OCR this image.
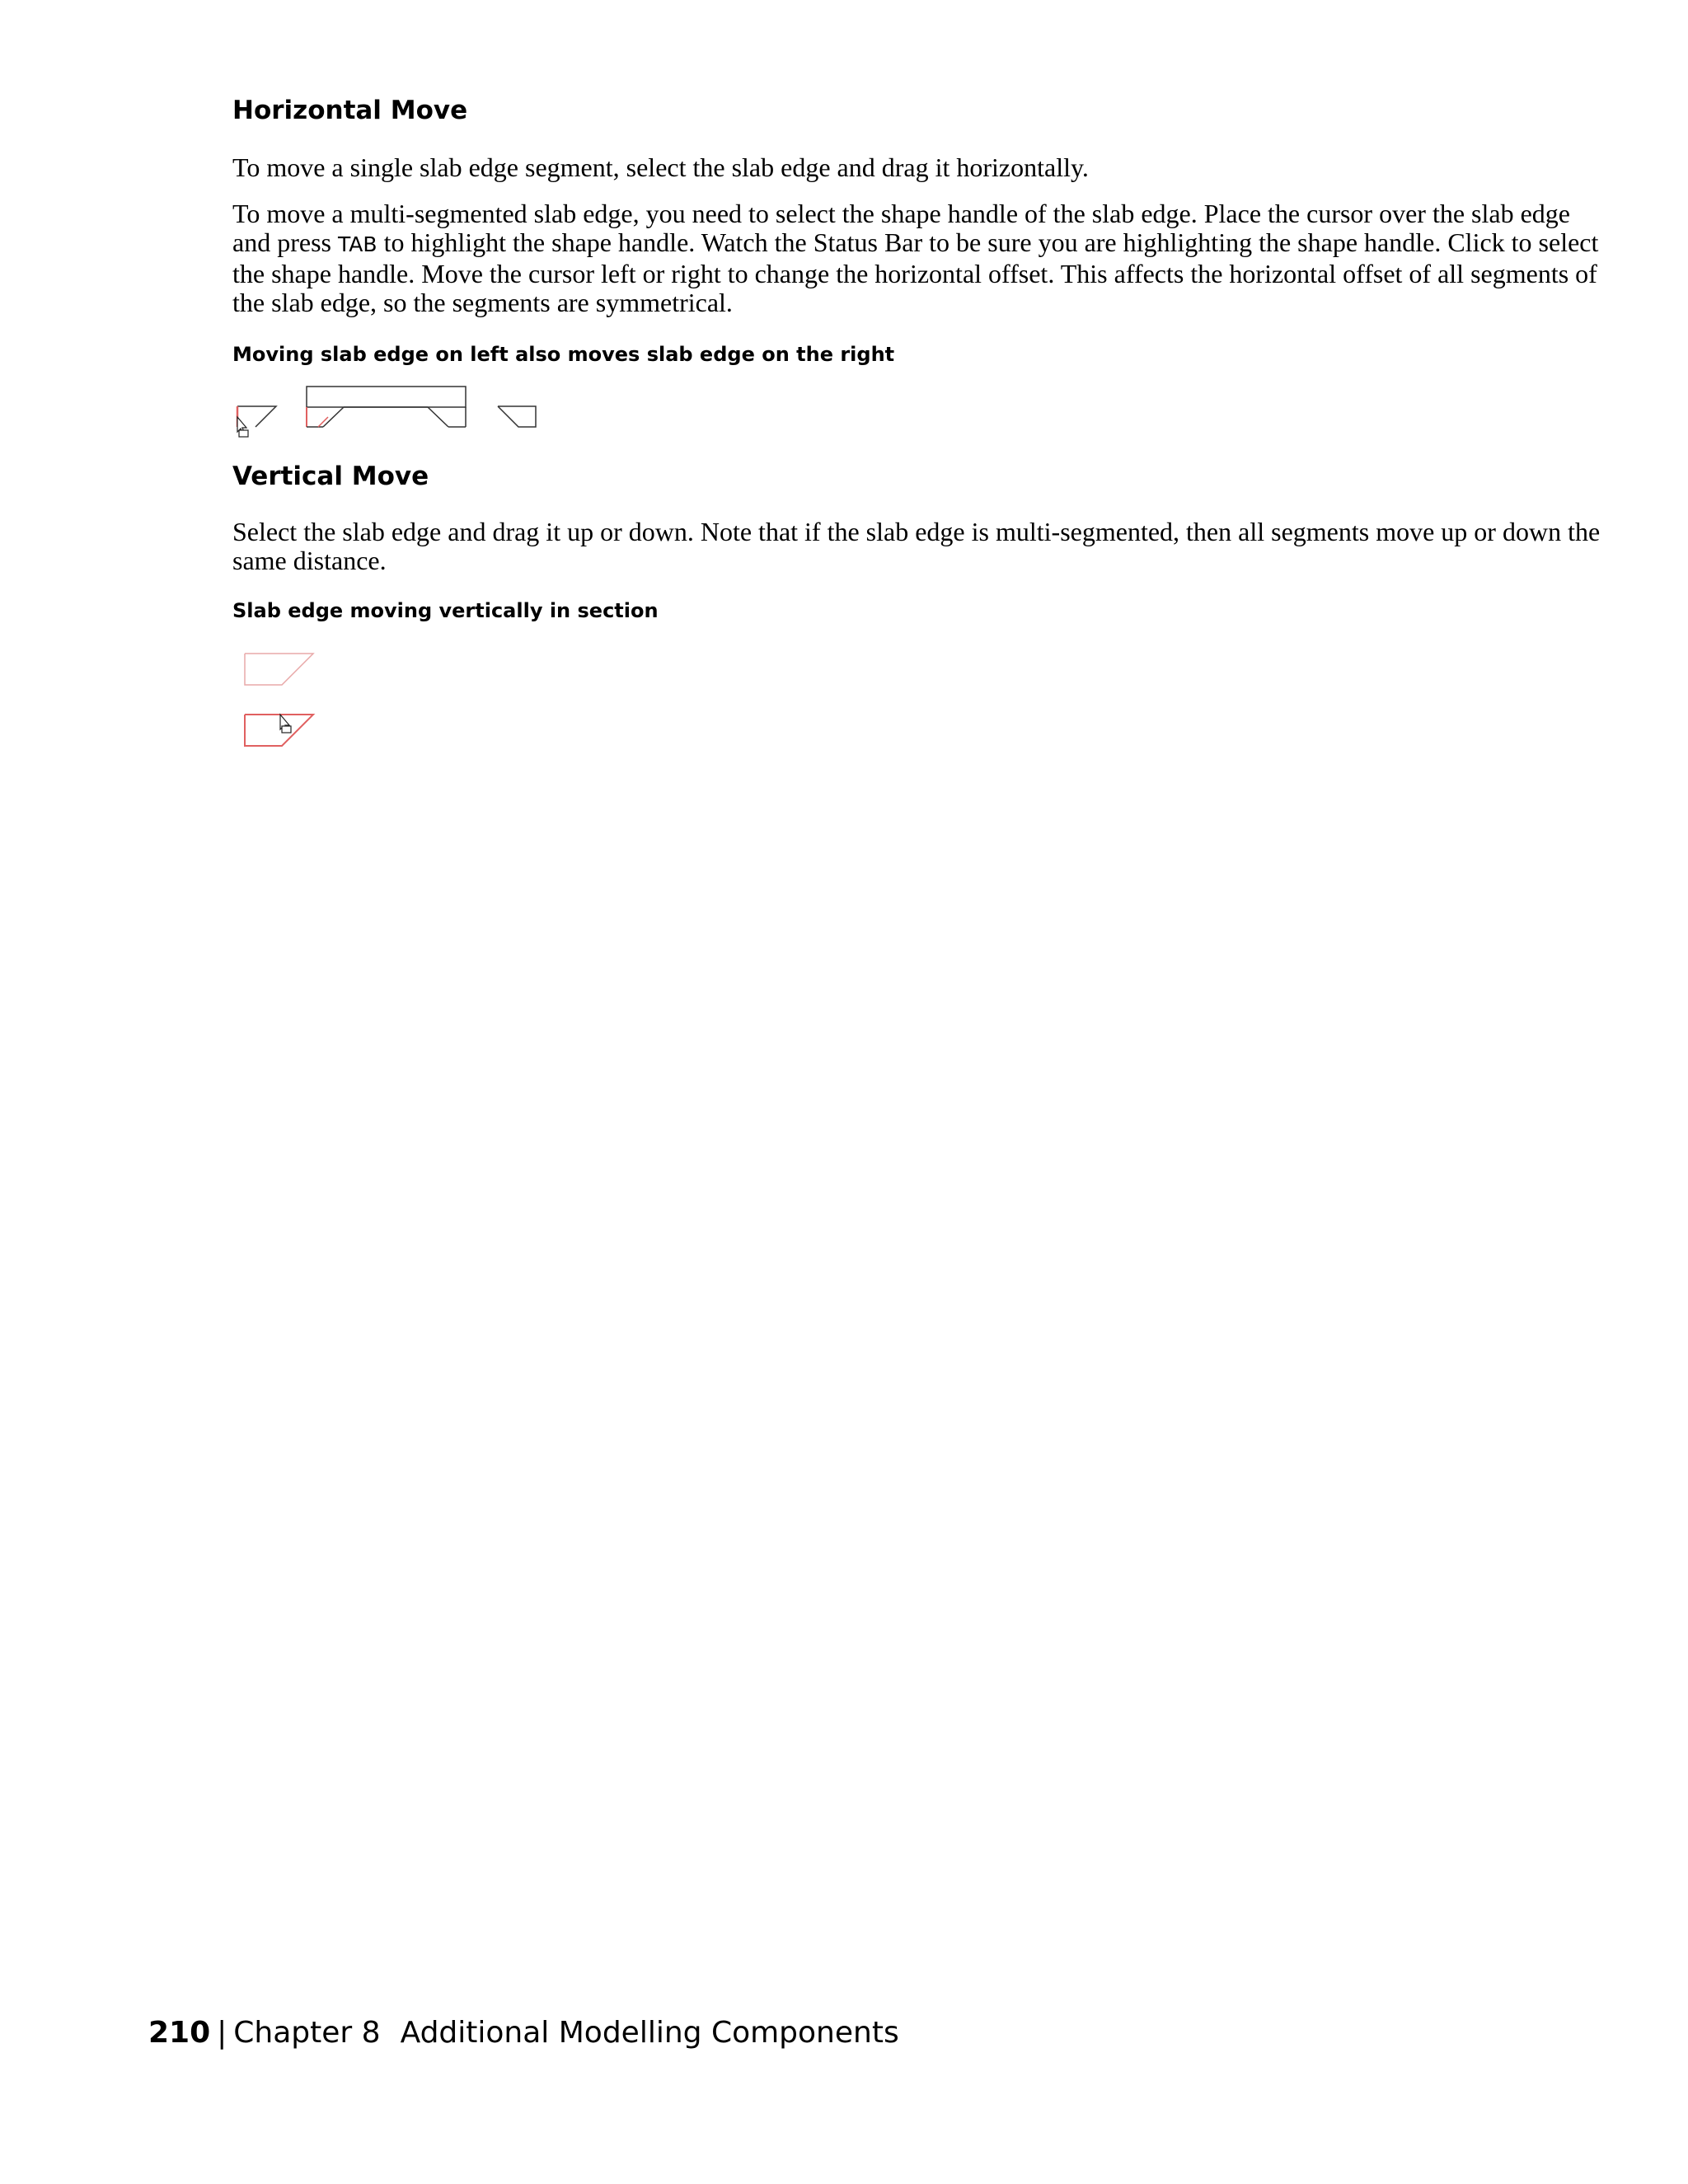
Horizontal Move

To move a single slab edge segment, select the slab edge and drag it horizontally.

To move a multi-segmented slab edge, you need to select the shape handle of the slab edge. Place the cursor over the slab edge and press TAB to highlight the shape handle. Watch the Status Bar to be sure you are highlighting the shape handle. Click to select the shape handle. Move the cursor left or right to change the horizontal offset. This affects the horizontal offset of all segments of the slab edge, so the segments are symmetrical.

Moving slab edge on left also moves slab edge on the right
Vertical Move

Select the slab edge and drag it up or down. Note that if the slab edge is multi-segmented, then all segments move up or down the same distance.

Slab edge moving vertically in section
210 | Chapter 8 Additional Modelling Components
